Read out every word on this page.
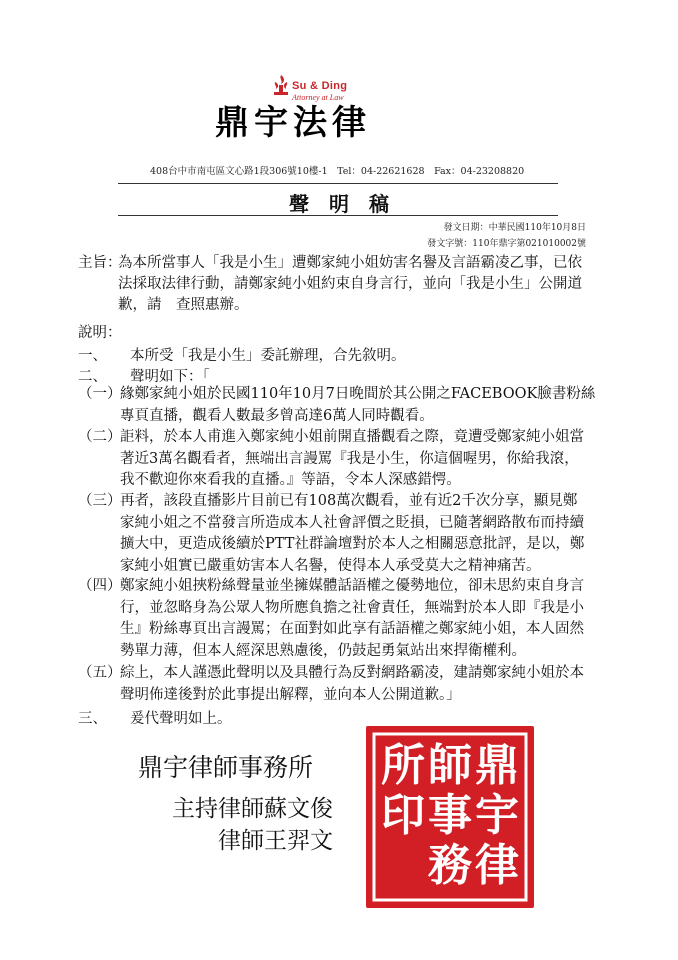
Su & Ding
Attorney at Law
鼎宇法律
408台中市南屯區文心路1段306號10樓-1　Tel：04-22621628　Fax：04-23208820
聲明稿
發文日期：中華民國110年10月8日
發文字號：110年鼎字第021010002號
主旨：
為本所當事人「我是小生」遭鄭家純小姐妨害名譽及言語霸凌乙事，已依
法採取法律行動，請鄭家純小姐約束自身言行，並向「我是小生」公開道
歉，請　查照惠辦。
說明：
一、 本所受「我是小生」委託辦理，合先敘明。
二、 聲明如下：「
（一）
緣鄭家純小姐於民國110年10月7日晚間於其公開之FACEBOOK臉書粉絲
專頁直播，觀看人數最多曾高達6萬人同時觀看。
（二）
詎料，於本人甫進入鄭家純小姐前開直播觀看之際，竟遭受鄭家純小姐當
著近3萬名觀看者，無端出言謾罵『我是小生，你這個喔男，你給我滾，
我不歡迎你來看我的直播。』等語，令本人深感錯愕。
（三）
再者，該段直播影片目前已有108萬次觀看，並有近2千次分享，顯見鄭
家純小姐之不當發言所造成本人社會評價之貶損，已隨著網路散布而持續
擴大中，更造成後續於PTT社群論壇對於本人之相關惡意批評，是以，鄭
家純小姐實已嚴重妨害本人名譽，使得本人承受莫大之精神痛苦。
（四）
鄭家純小姐挾粉絲聲量並坐擁媒體話語權之優勢地位，卻未思約束自身言
行，並忽略身為公眾人物所應負擔之社會責任，無端對於本人即『我是小
生』粉絲專頁出言謾罵；在面對如此享有話語權之鄭家純小姐，本人固然
勢單力薄，但本人經深思熟慮後，仍鼓起勇氣站出來捍衛權利。
（五）
綜上，本人謹憑此聲明以及具體行為反對網路霸凌，建請鄭家純小姐於本
聲明佈達後對於此事提出解釋，並向本人公開道歉。」
三、 爰代聲明如上。
鼎宇律師事務所
主持律師蘇文俊
律師王羿文
鼎
宇
律
師
事
務
所
印
